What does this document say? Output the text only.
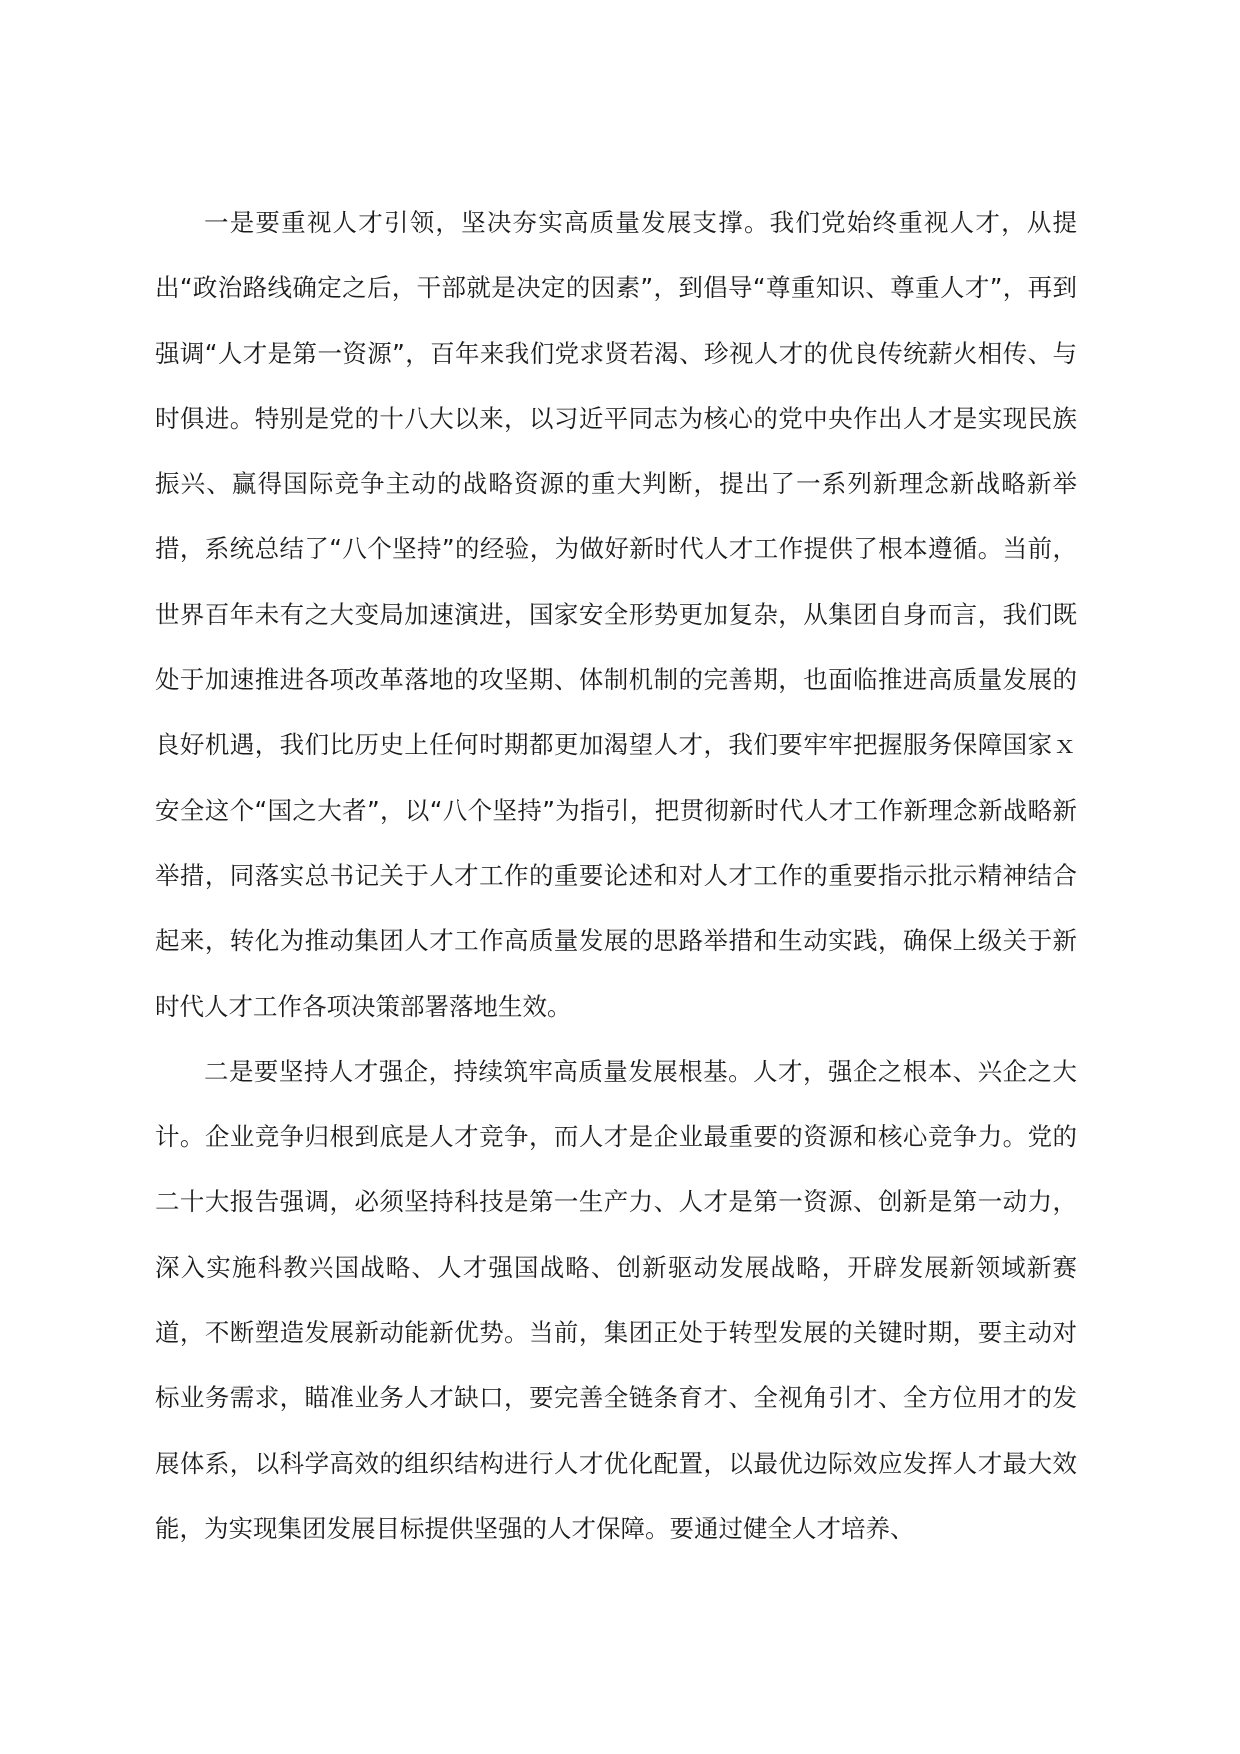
一是要重视人才引领，坚决夯实高质量发展支撑。我们党始终重视人才，从提出“政治路线确定之后，干部就是决定的因素”，到倡导“尊重知识、尊重人才”，再到强调“人才是第一资源”，百年来我们党求贤若渴、珍视人才的优良传统薪火相传、与时俱进。特别是党的十八大以来，以习近平同志为核心的党中央作出人才是实现民族振兴、赢得国际竞争主动的战略资源的重大判断，提出了一系列新理念新战略新举措，系统总结了“八个坚持”的经验，为做好新时代人才工作提供了根本遵循。当前，世界百年未有之大变局加速演进，国家安全形势更加复杂，从集团自身而言，我们既处于加速推进各项改革落地的攻坚期、体制机制的完善期，也面临推进高质量发展的良好机遇，我们比历史上任何时期都更加渴望人才，我们要牢牢把握服务保障国家ｘ安全这个“国之大者”，以“八个坚持”为指引，把贯彻新时代人才工作新理念新战略新举措，同落实总书记关于人才工作的重要论述和对人才工作的重要指示批示精神结合起来，转化为推动集团人才工作高质量发展的思路举措和生动实践，确保上级关于新时代人才工作各项决策部署落地生效。

二是要坚持人才强企，持续筑牢高质量发展根基。人才，强企之根本、兴企之大计。企业竞争归根到底是人才竞争，而人才是企业最重要的资源和核心竞争力。党的二十大报告强调，必须坚持科技是第一生产力、人才是第一资源、创新是第一动力，深入实施科教兴国战略、人才强国战略、创新驱动发展战略，开辟发展新领域新赛道，不断塑造发展新动能新优势。当前，集团正处于转型发展的关键时期，要主动对标业务需求，瞄准业务人才缺口，要完善全链条育才、全视角引才、全方位用才的发展体系，以科学高效的组织结构进行人才优化配置，以最优边际效应发挥人才最大效能，为实现集团发展目标提供坚强的人才保障。要通过健全人才培养、
